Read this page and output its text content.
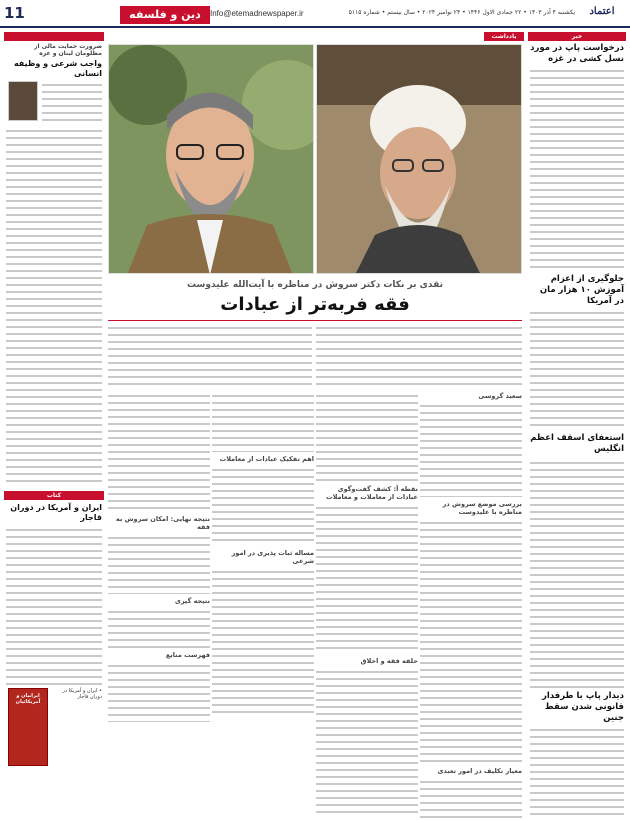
11	دین و فلسفه	Info@etemadnewspaper.ir	یکشنبه ۴ آذر ۱۴۰۳ • ۲۲ جمادی الاول ۱۴۴۶ • ۲۴ نوامبر ۲۰۲۴ • سال بیستم • شماره ۵۱۱۵	اعتماد
خبر
درخواست پاپ در مورد نسل کشی در غزه
جلوگیری از اعزام آموزش ۱۰ هزار مان در آمریکا
استعفای اسقف اعظم انگلیس
دیدار پاپ با طرفدار قانونی شدن سقط جنین
یادداشت
نقدی بر نکات دکتر سروش در مناظره با آیت‌الله علیدوست
فقه فربه‌تر از عبادات
سعید گروسی
بررسی موضع سروش در مناظره با علیدوست
معیار تکلیف در امور تعبدی
نقطه آ: کشف گفت‌وگوی عبادات از معاملات و معاملات
حلقه فقه و اخلاق
اهم تفکیک عبادات از معاملات
مساله ثبات پذیری در امور شرعی
نتیجه نهایی: امکان سروش به فقه
نتیجه گیری
فهرست منابع
ضرورت حمایت مالی از مظلومان لبنان و غزه
واجب شرعی و وظیفه انسانی
کتاب
ایران و آمریکا در دوران قاجار
ایرانیان و آمریکائیان
• ایران و آمریکا در دوران قاجار
